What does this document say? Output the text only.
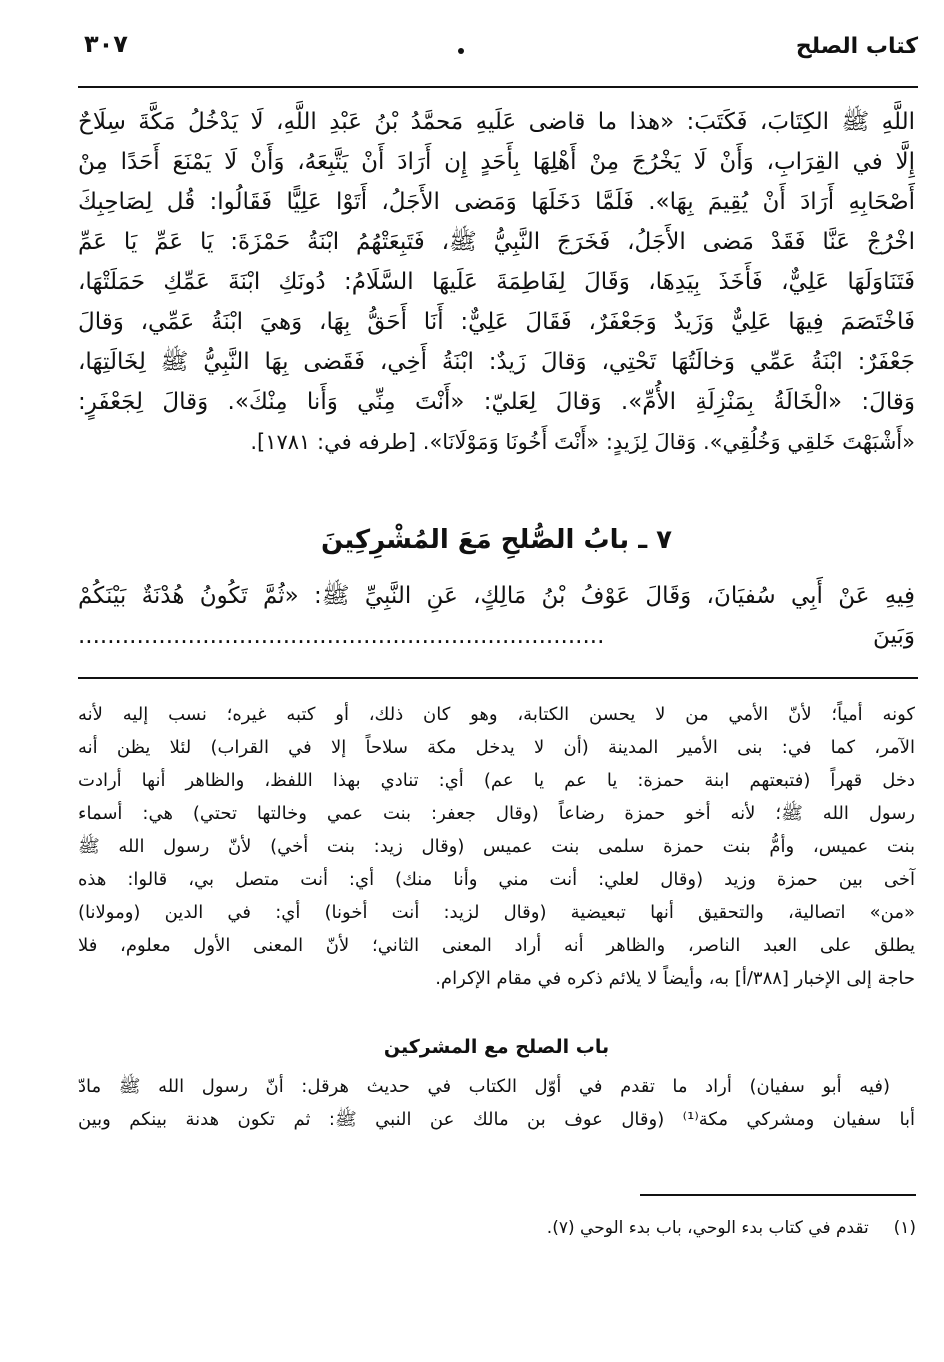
كتاب الصلح
٣٠٧
اللَّهِ ﷺ الكِتَابَ، فَكَتَبَ: «هذا ما قاضى عَلَيهِ مَحمَّدُ بْنُ عَبْدِ اللَّهِ، لَا يَدْخُلُ مَكَّةَ سِلَاحٌ
إِلَّا في القِرَابِ، وَأَنْ لَا يَخْرُجَ مِنْ أَهْلِهَا بِأَحَدٍ إِن أَرَادَ أَنْ يَتَّبِعَهُ، وَأَنْ لَا يَمْنَعَ أَحَدًا مِنْ
أَصْحَابِهِ أَرَادَ أَنْ يُقِيمَ بِهَا». فَلَمَّا دَخَلَهَا وَمَضى الأَجَلُ، أَتَوْا عَلِيًّا فَقَالُوا: قُل لِصَاحِبِكَ
اخْرُجْ عَنَّا فَقَدْ مَضى الأَجَلُ، فَخَرَجَ النَّبِيُّ ﷺ، فَتَبِعَتْهُمُ ابْنَةُ حَمْزَةَ: يَا عَمِّ يَا عَمِّ
فَتَنَاوَلَهَا عَلِيٌّ، فَأَخَذَ بِيَدِهَا، وَقَالَ لِفَاطِمَةَ عَلَيهَا السَّلَامُ: دُونَكِ ابْنَةَ عَمِّكِ حَمَلَتْهَا،
فَاخْتَصَمَ فِيهَا عَلِيٌّ وَزَيدٌ وَجَعْفَرٌ، فَقَالَ عَلِيٌّ: أَنَا أَحَقُّ بِهَا، وَهيَ ابْنَةُ عَمِّي، وَقالَ
جَعْفَرٌ: ابْنَةُ عَمِّي وَخالَتُهَا تَحْتِي، وَقالَ زَيدٌ: ابْنَةُ أَخِي، فَقَضى بِهَا النَّبِيُّ ﷺ لِخَالَتِهَا،
وَقالَ: «الْخَالَةُ بِمَنْزِلَةِ الأُمِّ». وَقالَ لِعَليّ: «أَنْتَ مِنِّي وَأَنا مِنْكَ». وَقالَ لِجَعْفَرٍ:
«أَشْبَهْتَ خَلقِي وَخُلُقِي». وَقالَ لِزَيدٍ: «أَنْتَ أَخُونَا وَمَوْلَانَا». [طرفه في: ١٧٨١].
٧ ـ بابُ الصُّلحِ مَعَ المُشْرِكِينَ
فِيهِ عَنْ أَبِي سُفيَانَ، وَقَالَ عَوْفُ بْنُ مَالِكٍ، عَنِ النَّبِيِّ ﷺ: «ثُمَّ تَكُونُ هُدْنَةٌ بَيْنَكُمْ
وَبَينَ ........................................................................
كونه أمياً؛ لأنّ الأمي من لا يحسن الكتابة، وهو كان ذلك، أو كتبه غيره؛ نسب إليه لأنه
الآمر، كما في: بنى الأمير المدينة (أن لا يدخل مكة سلاحاً إلا في القراب) لئلا يظن أنه
دخل قهراً (فتبعتهم ابنة حمزة: يا عم يا عم) أي: تنادي بهذا اللفظ، والظاهر أنها أرادت
رسول الله ﷺ؛ لأنه أخو حمزة رضاعاً (وقال جعفر: بنت عمي وخالتها تحتي) هي: أسماء
بنت عميس، وأمُّ بنت حمزة سلمى بنت عميس (وقال زيد: بنت أخي) لأنّ رسول الله ﷺ
آخى بين حمزة وزيد (وقال لعلي: أنت مني وأنا منك) أي: أنت متصل بي، قالوا: هذه
«من» اتصالية، والتحقيق أنها تبعيضية (وقال لزيد: أنت أخونا) أي: في الدين (ومولانا)
يطلق على العبد الناصر، والظاهر أنه أراد المعنى الثاني؛ لأنّ المعنى الأول معلوم، فلا
حاجة إلى الإخبار [٣٨٨/أ] به، وأيضاً لا يلائم ذكره في مقام الإكرام.
باب الصلح مع المشركين
(فيه أبو سفيان) أراد ما تقدم في أوّل الكتاب في حديث هرقل: أنّ رسول الله ﷺ مادّ
أبا سفيان ومشركي مكة⁽¹⁾ (وقال عوف بن مالك عن النبي ﷺ: ثم تكون هدنة بينكم وبين
(١)  تقدم في كتاب بدء الوحي، باب بدء الوحي (٧).
